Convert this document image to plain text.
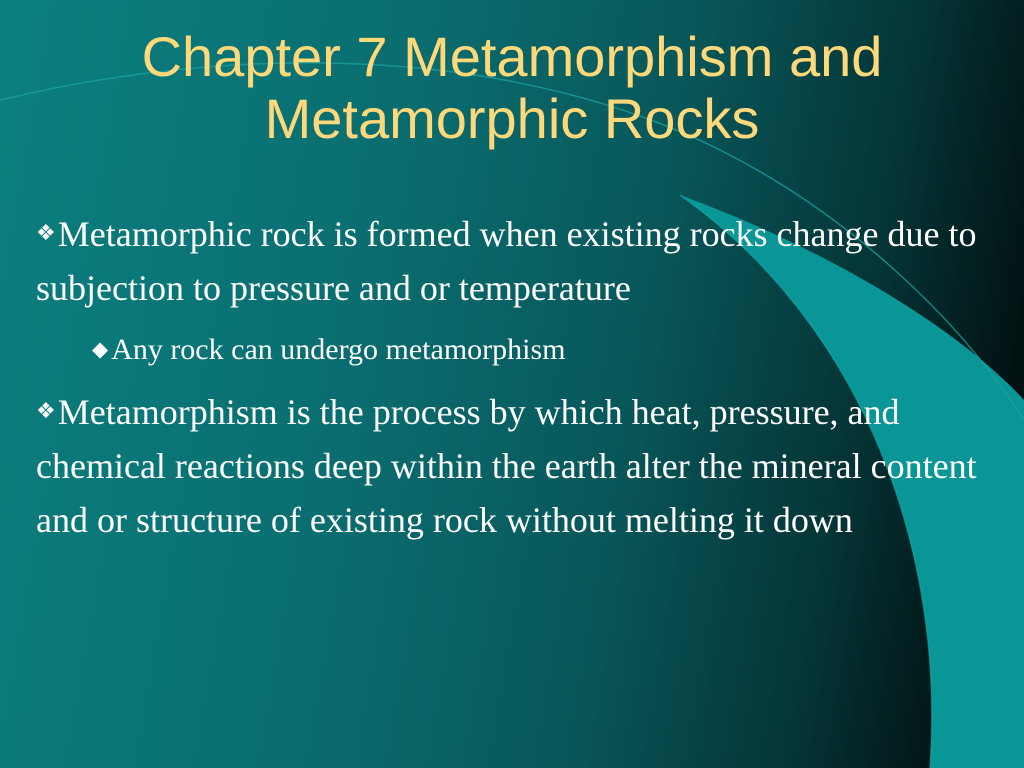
Chapter 7 Metamorphism and Metamorphic Rocks

❖Metamorphic rock is formed when existing rocks change due to subjection to pressure and or temperature

◆ Any rock can undergo metamorphism

❖Metamorphism is the process by which heat, pressure, and chemical reactions deep within the earth alter the mineral content and or structure of existing rock without melting it down
